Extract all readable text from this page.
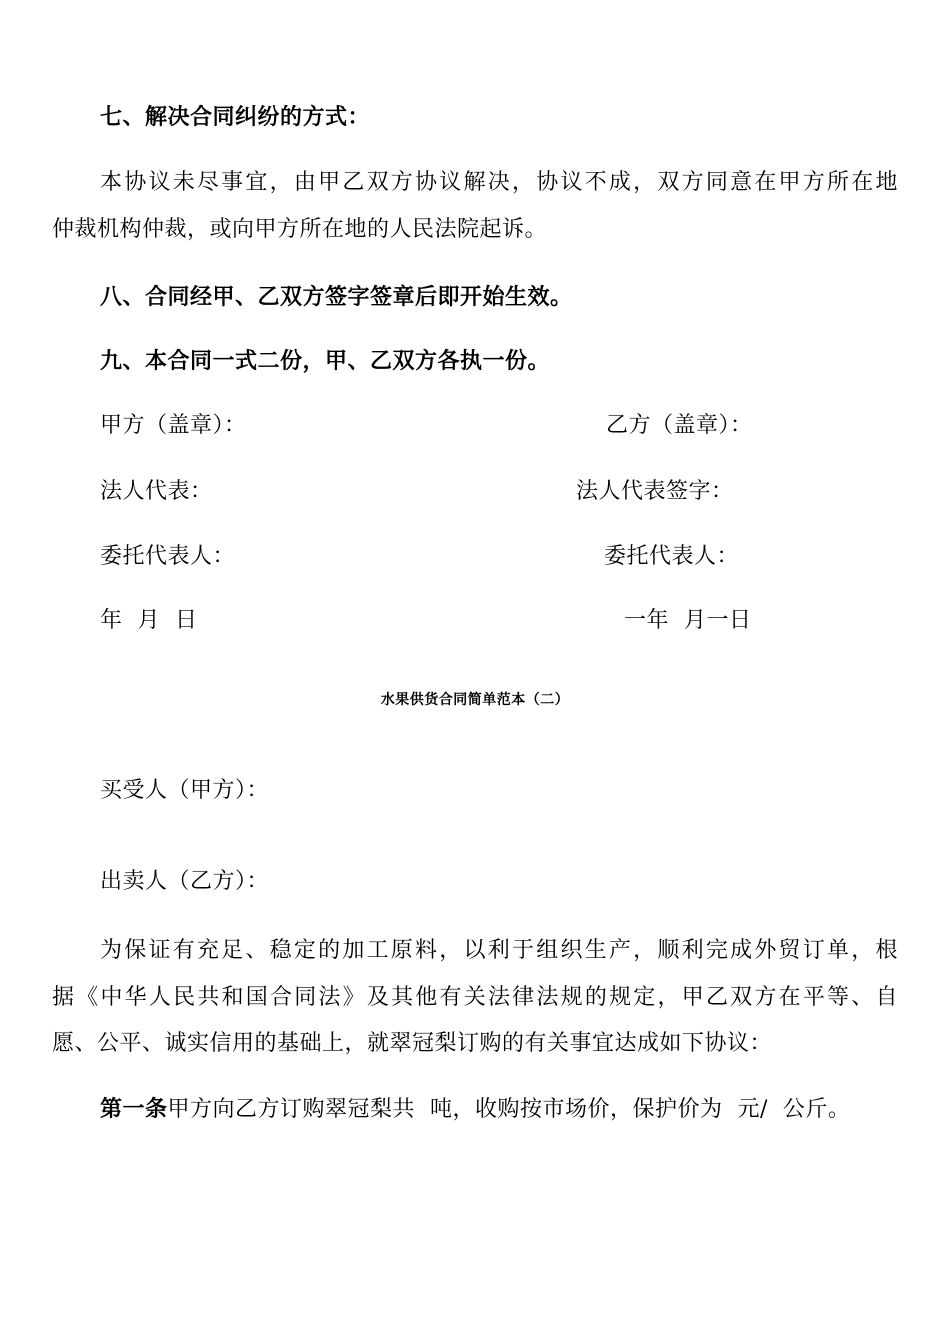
七、解决合同纠纷的方式：
本协议未尽事宜，由甲乙双方协议解决，协议不成，双方同意在甲方所在地
仲裁机构仲裁，或向甲方所在地的人民法院起诉。
八、合同经甲、乙双方签字签章后即开始生效。
九、本合同一式二份，甲、乙双方各执一份。
甲方（盖章）：	乙方（盖章）：
法人代表：	法人代表签字：
委托代表人：	委托代表人：
年  月  日	一年  月一日
水果供货合同简单范本（二）
买受人（甲方）：
出卖人（乙方）：
为保证有充足、稳定的加工原料，以利于组织生产，顺利完成外贸订单，根
据《中华人民共和国合同法》及其他有关法律法规的规定，甲乙双方在平等、自
愿、公平、诚实信用的基础上，就翠冠梨订购的有关事宜达成如下协议：
第一条甲方向乙方订购翠冠梨共  吨，收购按市场价，保护价为  元/  公斤。
